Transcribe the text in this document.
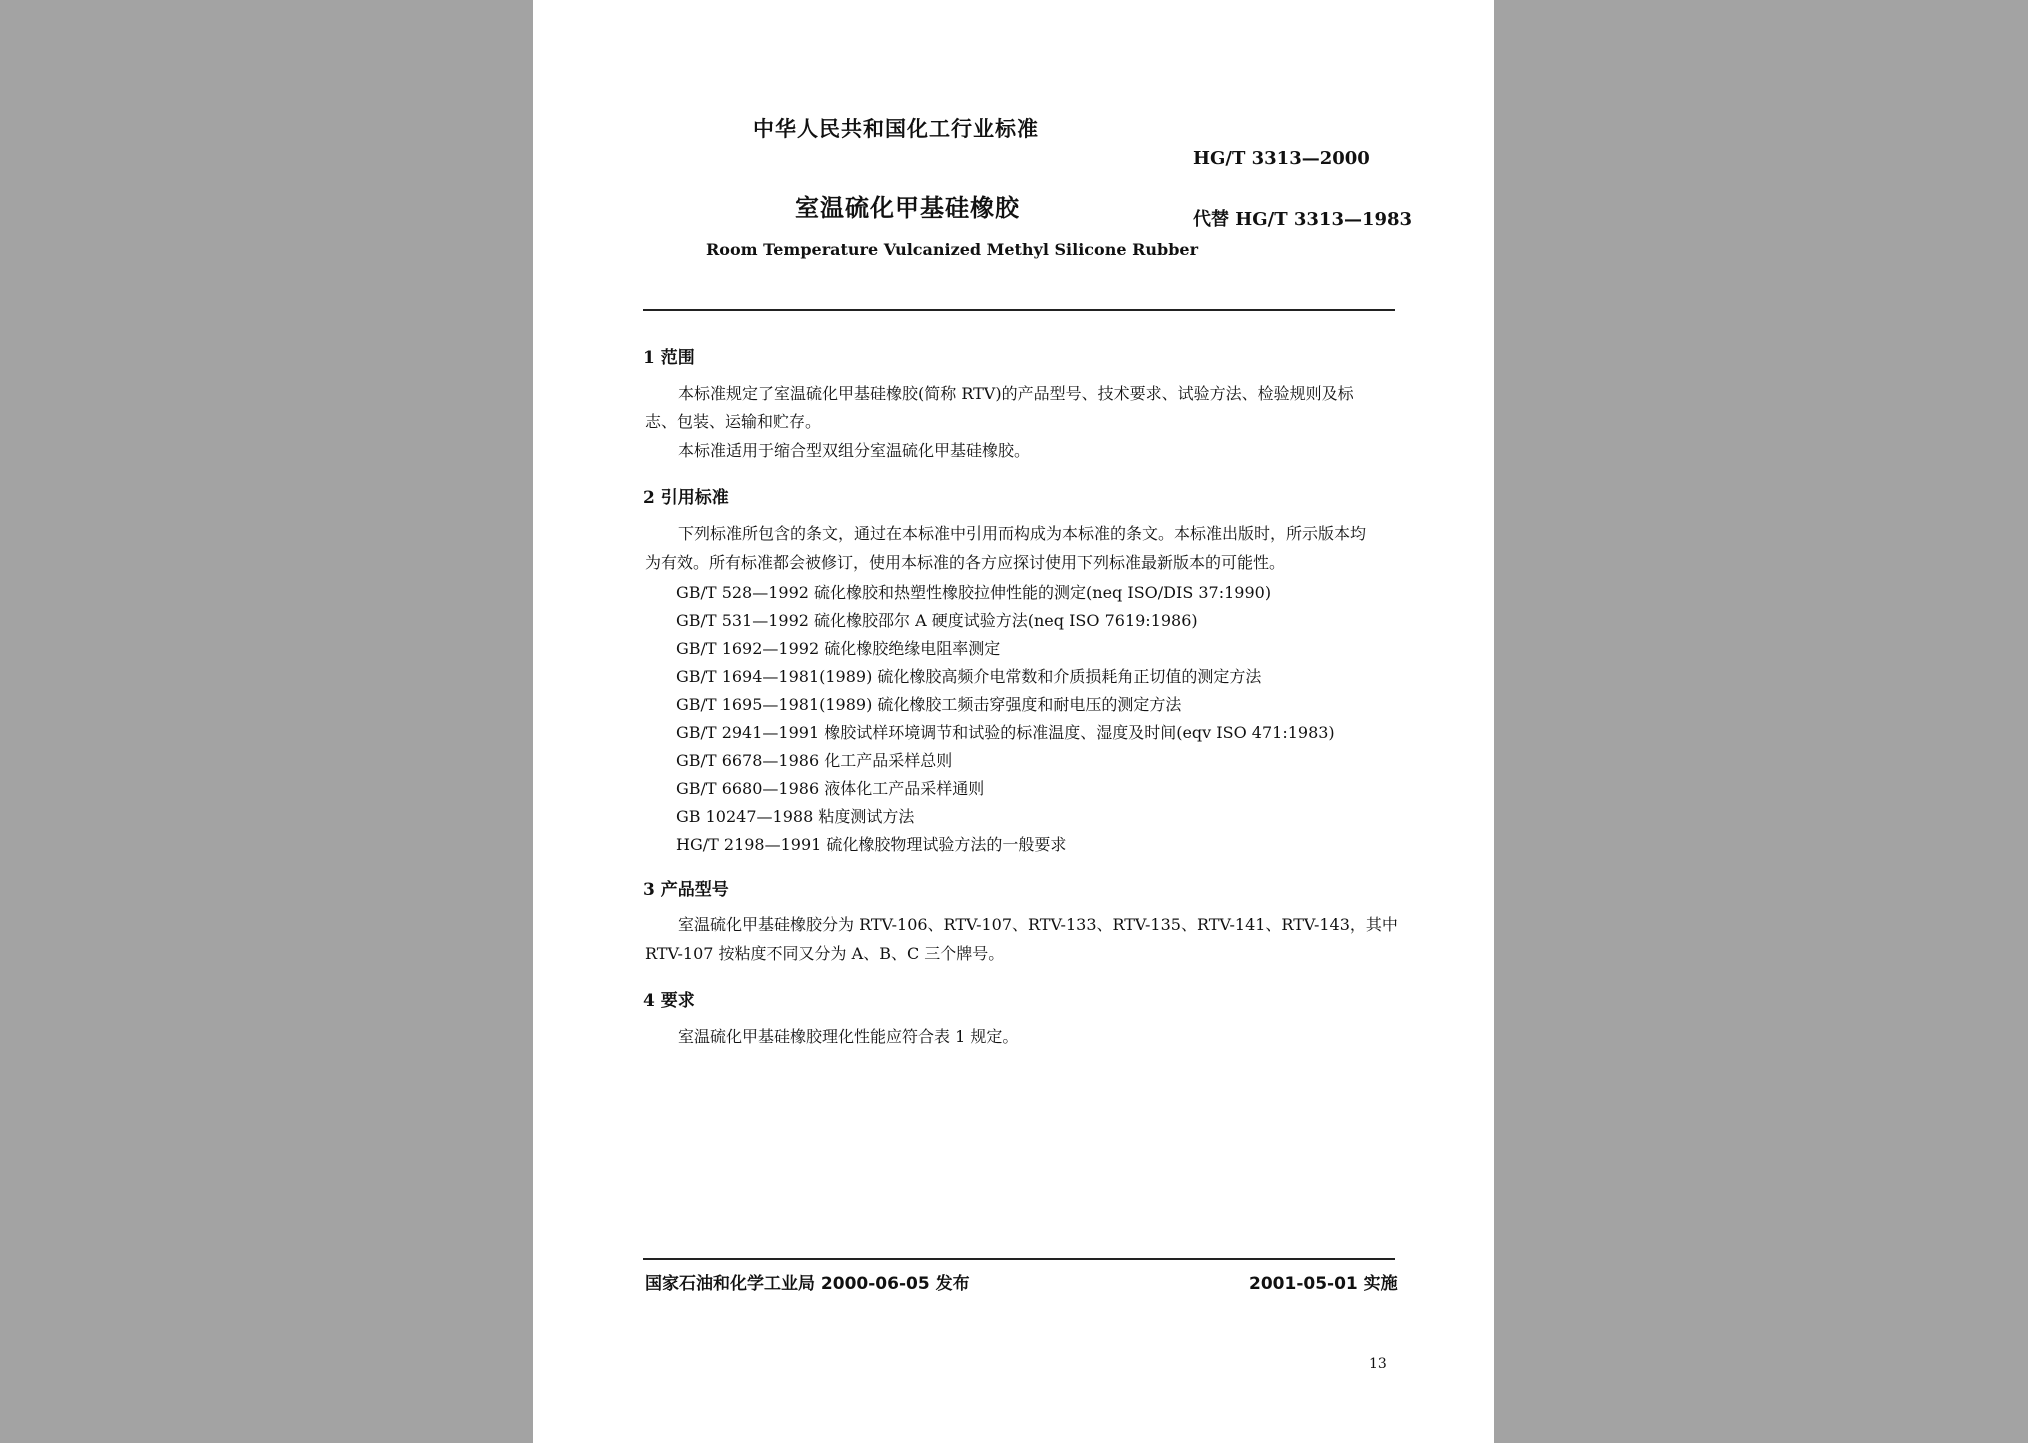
中华人民共和国化工行业标准
HG/T 3313—2000
室温硫化甲基硅橡胶	代替 HG/T 3313—1983
Room Temperature Vulcanized Methyl Silicone Rubber
1 范围
本标准规定了室温硫化甲基硅橡胶(简称 RTV)的产品型号、技术要求、试验方法、检验规则及标
志、包装、运输和贮存。
本标准适用于缩合型双组分室温硫化甲基硅橡胶。
2 引用标准
下列标准所包含的条文，通过在本标准中引用而构成为本标准的条文。本标准出版时，所示版本均
为有效。所有标准都会被修订，使用本标准的各方应探讨使用下列标准最新版本的可能性。
GB/T 528—1992 硫化橡胶和热塑性橡胶拉伸性能的测定(neq ISO/DIS 37:1990)
GB/T 531—1992 硫化橡胶邵尔 A 硬度试验方法(neq ISO 7619:1986)
GB/T 1692—1992 硫化橡胶绝缘电阻率测定
GB/T 1694—1981(1989) 硫化橡胶高频介电常数和介质损耗角正切值的测定方法
GB/T 1695—1981(1989) 硫化橡胶工频击穿强度和耐电压的测定方法
GB/T 2941—1991 橡胶试样环境调节和试验的标准温度、湿度及时间(eqv ISO 471:1983)
GB/T 6678—1986 化工产品采样总则
GB/T 6680—1986 液体化工产品采样通则
GB 10247—1988 粘度测试方法
HG/T 2198—1991 硫化橡胶物理试验方法的一般要求
3 产品型号
室温硫化甲基硅橡胶分为 RTV-106、RTV-107、RTV-133、RTV-135、RTV-141、RTV-143，其中
RTV-107 按粘度不同又分为 A、B、C 三个牌号。
4 要求
室温硫化甲基硅橡胶理化性能应符合表 1 规定。
国家石油和化学工业局 2000-06-05 发布	2001-05-01 实施
13
